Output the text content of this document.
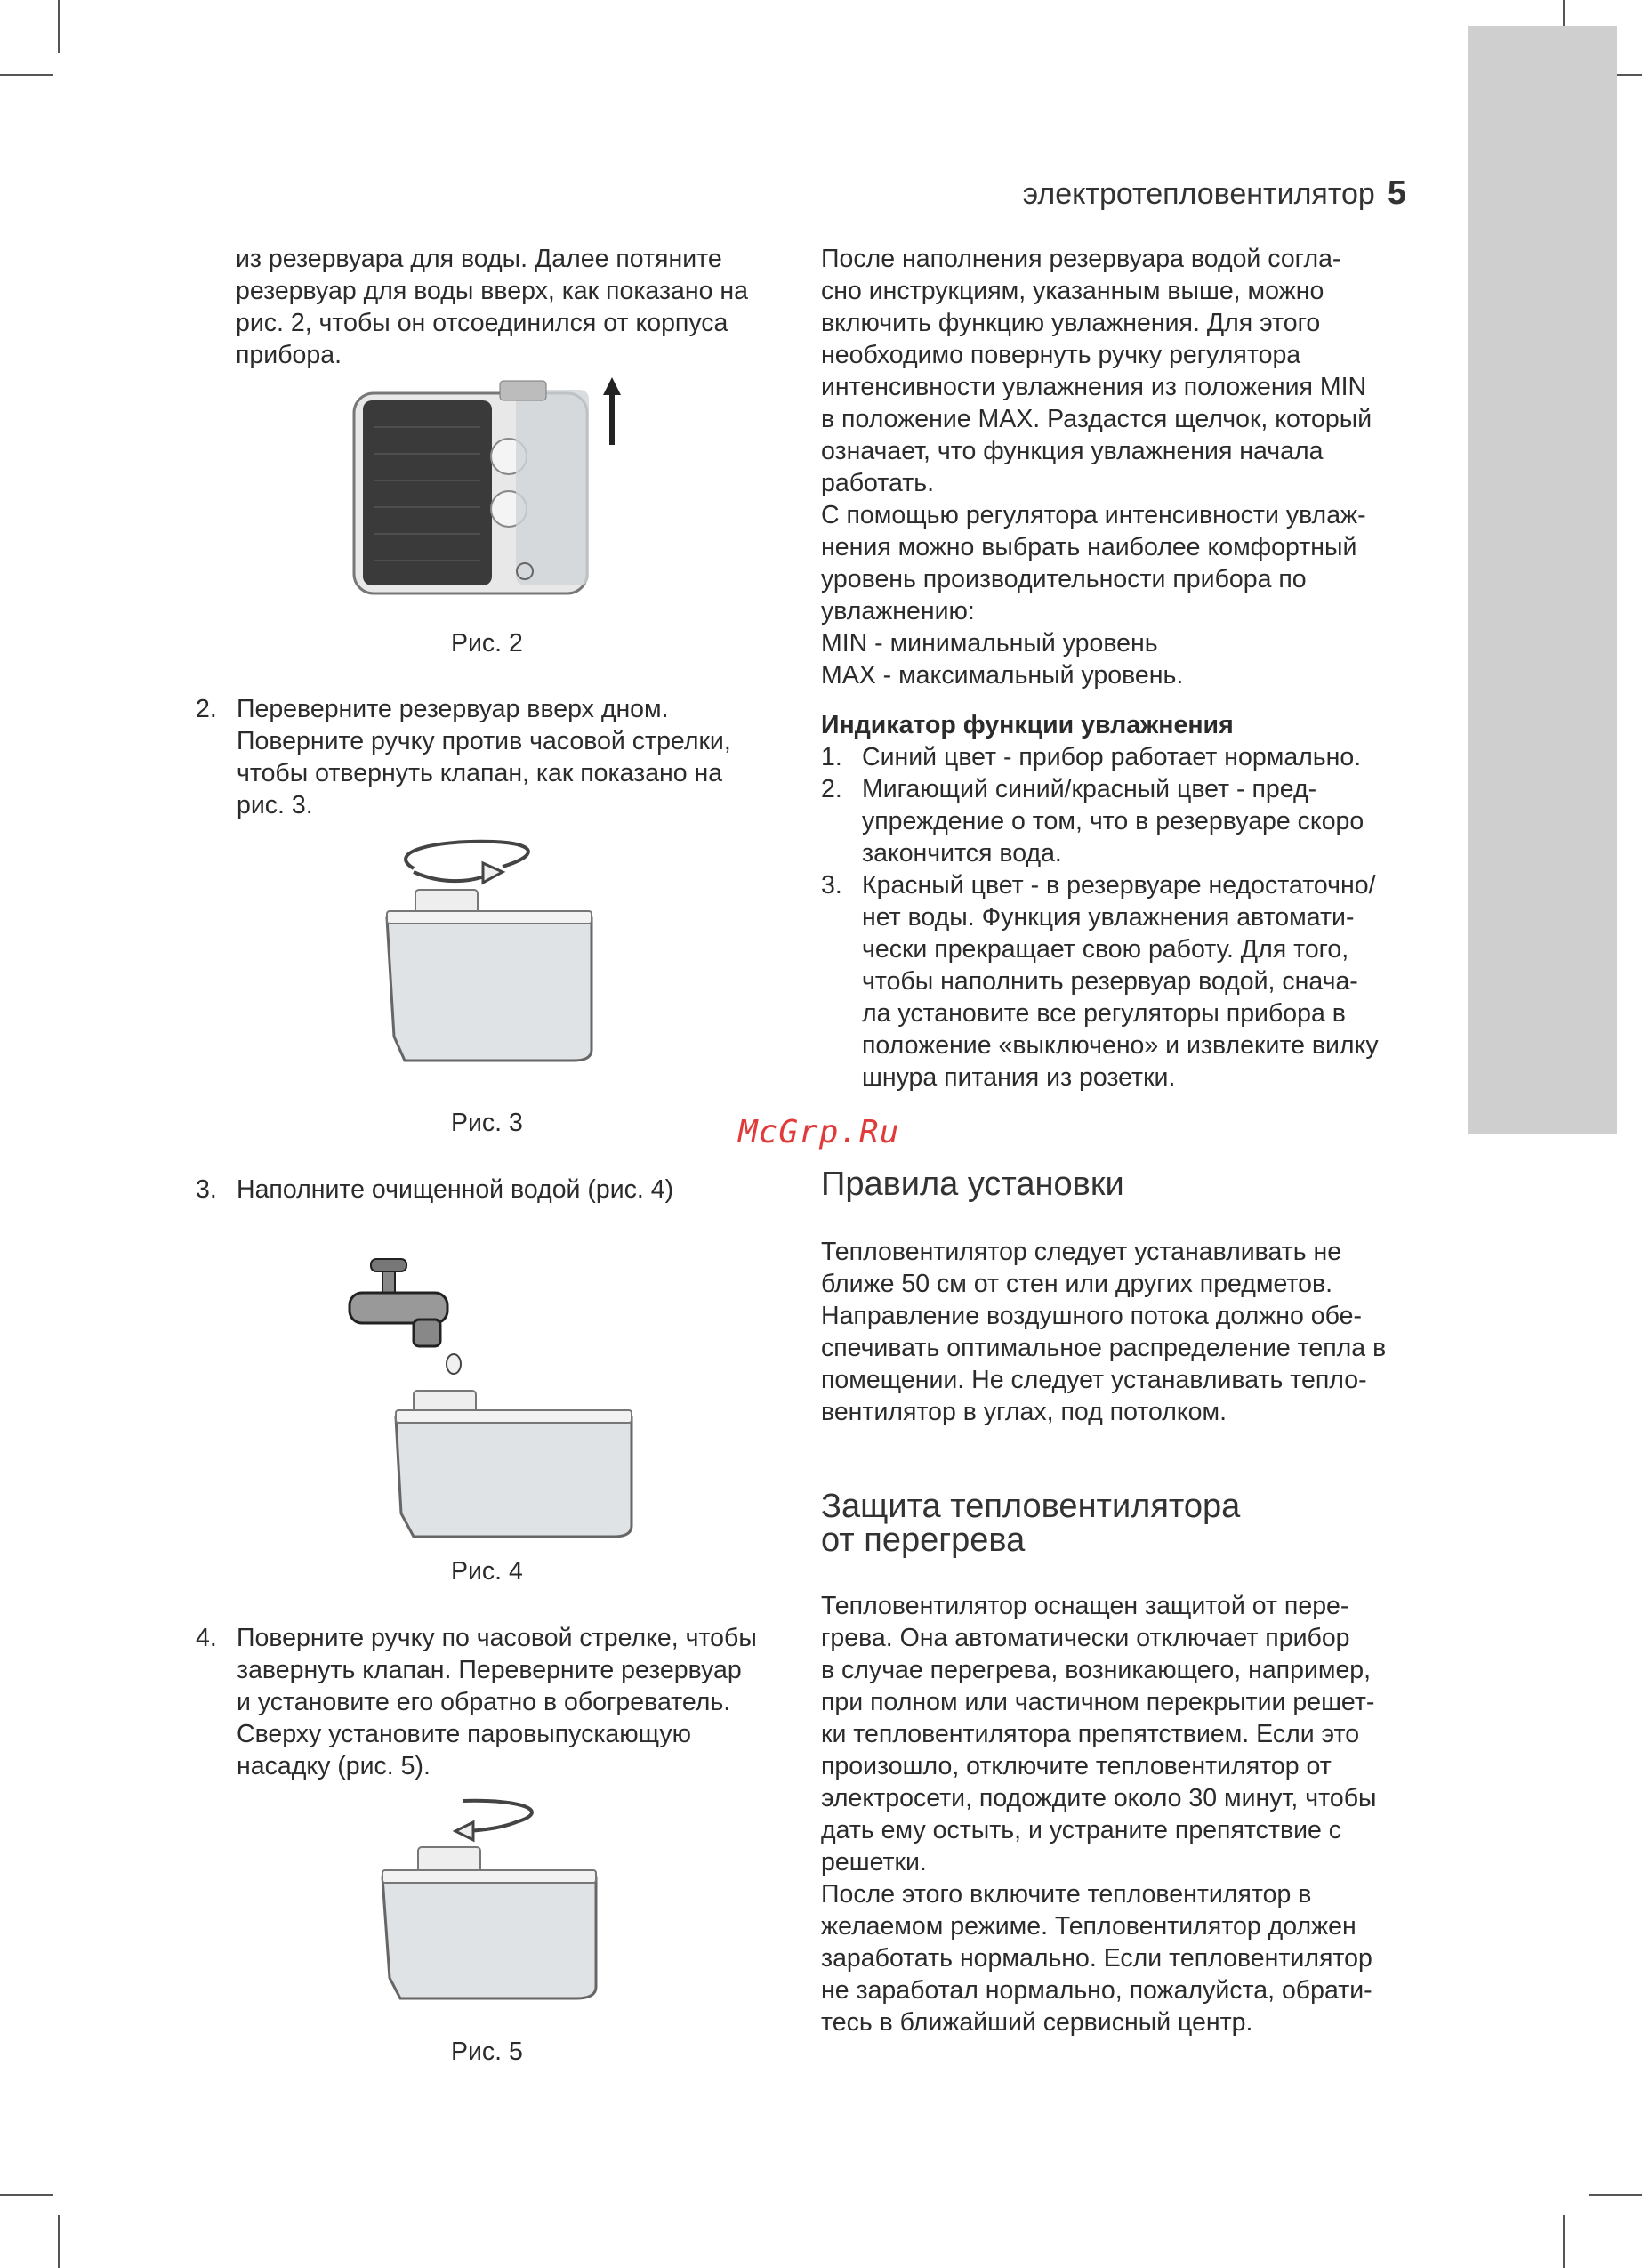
электротепловентилятор 5

из резервуара для воды. Далее потяните
резервуар для воды вверх, как показано на
рис. 2, чтобы он отсоединился от корпуса
прибора.

Рис. 2
2. Переверните резервуар вверх дном.
Поверните ручку против часовой стрелки,
чтобы отвернуть клапан, как показано на
рис. 3.
Рис. 3
3. Наполните очищенной водой (рис. 4)
Рис. 4
4. Поверните ручку по часовой стрелке, чтобы
завернуть клапан. Переверните резервуар
и установите его обратно в обогреватель.
Сверху установите паровыпускающую
насадку (рис. 5).
Рис. 5

После наполнения резервуара водой согла-
сно инструкциям, указанным выше, можно
включить функцию увлажнения. Для этого
необходимо повернуть ручку регулятора
интенсивности увлажнения из положения MIN
в положение MAX. Раздастся щелчок, который
означает, что функция увлажнения начала
работать.
С помощью регулятора интенсивности увлаж-
нения можно выбрать наиболее комфортный
уровень производительности прибора по
увлажнению:
MIN - минимальный уровень
MAX - максимальный уровень.

Индикатор функции увлажнения
1. Синий цвет - прибор работает нормально.
2. Мигающий синий/красный цвет - пред-
упреждение о том, что в резервуаре скоро
закончится вода.
3. Красный цвет - в резервуаре недостаточно/
нет воды. Функция увлажнения автомати-
чески прекращает свою работу. Для того,
чтобы наполнить резервуар водой, снача-
ла установите все регуляторы прибора в
положение «выключено» и извлеките вилку
шнура питания из розетки.
McGrp.Ru
Правила установки

Тепловентилятор следует устанавливать не
ближе 50 см от стен или других предметов.
Направление воздушного потока должно обе-
спечивать оптимальное распределение тепла в
помещении. Не следует устанавливать тепло-
вентилятор в углах, под потолком.

Защита тепловентилятора
от перегрева

Тепловентилятор оснащен защитой от пере-
грева. Она автоматически отключает прибор
в случае перегрева, возникающего, например,
при полном или частичном перекрытии решет-
ки тепловентилятора препятствием. Если это
произошло, отключите тепловентилятор от
электросети, подождите около 30 минут, чтобы
дать ему остыть, и устраните препятствие с
решетки.

После этого включите тепловентилятор в
желаемом режиме. Тепловентилятор должен
заработать нормально. Если тепловентилятор
не заработал нормально, пожалуйста, обрати-
тесь в ближайший сервисный центр.
